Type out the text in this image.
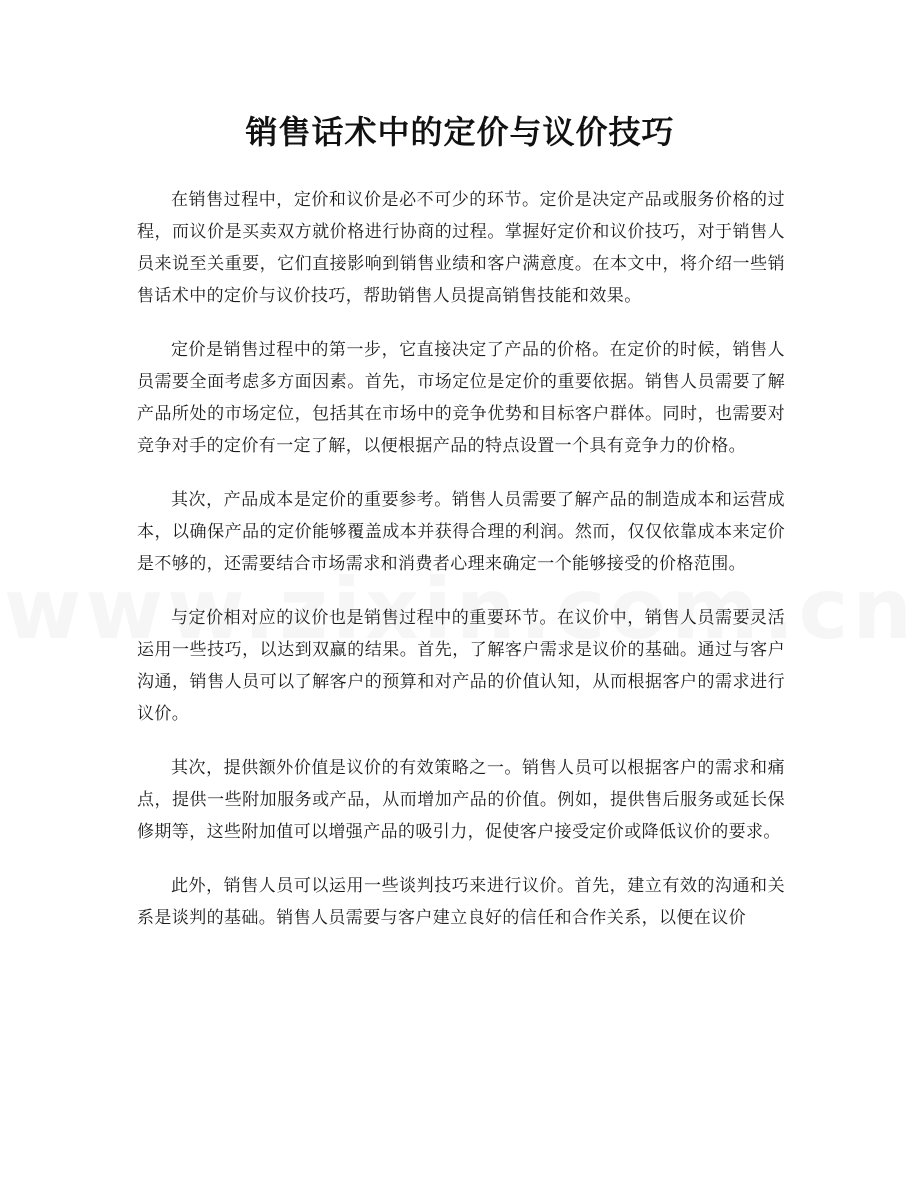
销售话术中的定价与议价技巧

在销售过程中，定价和议价是必不可少的环节。定价是决定产品或服务价格的过程，而议价是买卖双方就价格进行协商的过程。掌握好定价和议价技巧，对于销售人员来说至关重要，它们直接影响到销售业绩和客户满意度。在本文中，将介绍一些销售话术中的定价与议价技巧，帮助销售人员提高销售技能和效果。

定价是销售过程中的第一步，它直接决定了产品的价格。在定价的时候，销售人员需要全面考虑多方面因素。首先，市场定位是定价的重要依据。销售人员需要了解产品所处的市场定位，包括其在市场中的竞争优势和目标客户群体。同时，也需要对竞争对手的定价有一定了解，以便根据产品的特点设置一个具有竞争力的价格。

其次，产品成本是定价的重要参考。销售人员需要了解产品的制造成本和运营成本，以确保产品的定价能够覆盖成本并获得合理的利润。然而，仅仅依靠成本来定价是不够的，还需要结合市场需求和消费者心理来确定一个能够接受的价格范围。

与定价相对应的议价也是销售过程中的重要环节。在议价中，销售人员需要灵活运用一些技巧，以达到双赢的结果。首先，了解客户需求是议价的基础。通过与客户沟通，销售人员可以了解客户的预算和对产品的价值认知，从而根据客户的需求进行议价。

其次，提供额外价值是议价的有效策略之一。销售人员可以根据客户的需求和痛点，提供一些附加服务或产品，从而增加产品的价值。例如，提供售后服务或延长保修期等，这些附加值可以增强产品的吸引力，促使客户接受定价或降低议价的要求。

此外，销售人员可以运用一些谈判技巧来进行议价。首先，建立有效的沟通和关系是谈判的基础。销售人员需要与客户建立良好的信任和合作关系，以便在议价
